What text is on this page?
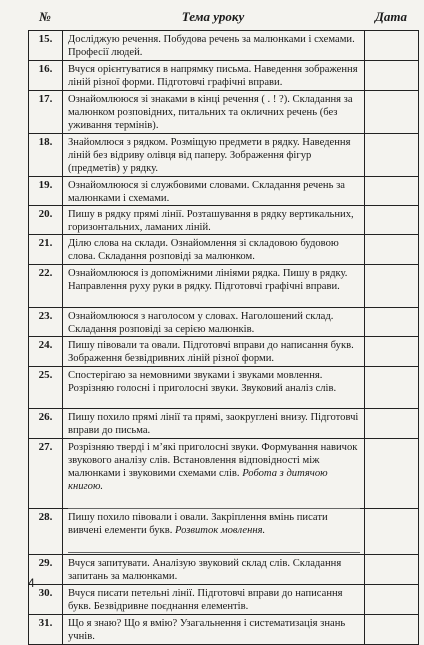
№	Тема уроку	Дата
15.	Досліджую речення. Побудова речень за малюнками і схемами. Професії людей.
16.	Вчуся орієнтуватися в напрямку письма. Наведення зображення ліній різної форми. Підготовчі графічні вправи.
17.	Ознайомлююся зі знаками в кінці речення ( . ! ?). Складання за малюнком розповідних, питальних та окличних речень (без уживання термінів).
18.	Знайомлюся з рядком. Розміщую предмети в рядку. Наведення ліній без відриву олівця від паперу. Зображення фігур (предметів) у рядку.
19.	Ознайомлююся зі службовими словами. Складання речень за малюнками і схемами.
20.	Пишу в рядку прямі лінії. Розташування в рядку вертикальних, горизонтальних, ламаних ліній.
21.	Ділю слова на склади. Ознайомлення зі складовою будовою слова. Складання розповіді за малюнком.
22.	Ознайомлююся із допоміжними лініями рядка. Пишу в рядку. Направлення руху руки в рядку. Підготовчі графічні вправи.
23.	Ознайомлююся з наголосом у словах. Наголошений склад. Складання розповіді за серією малюнків.
24.	Пишу півовали та овали. Підготовчі вправи до написання букв. Зображення безвідривних ліній різної форми.
25.	Спостерігаю за немовними звуками і звуками мовлення. Розрізняю голосні і приголосні звуки. Звуковий аналіз слів.
26.	Пишу похило прямі лінії та прямі, заокруглені внизу. Підготовчі вправи до письма.
27.	Розрізняю тверді і м’які приголосні звуки. Формування навичок звукового аналізу слів. Встановлення відповідності між малюнками і звуковими схемами слів. Робота з дитячою книгою.
28.	Пишу похило півовали і овали. Закріплення вмінь писати вивчені елементи букв. Розвиток мовлення.
29.	Вчуся запитувати. Аналізую звуковий склад слів. Складання запитань за малюнками.
30.	Вчуся писати петельні лінії. Підготовчі вправи до написання букв. Безвідривне поєднання елементів.
31.	Що я знаю? Що я вмію? Узагальнення і систематизація знань учнів.
4
